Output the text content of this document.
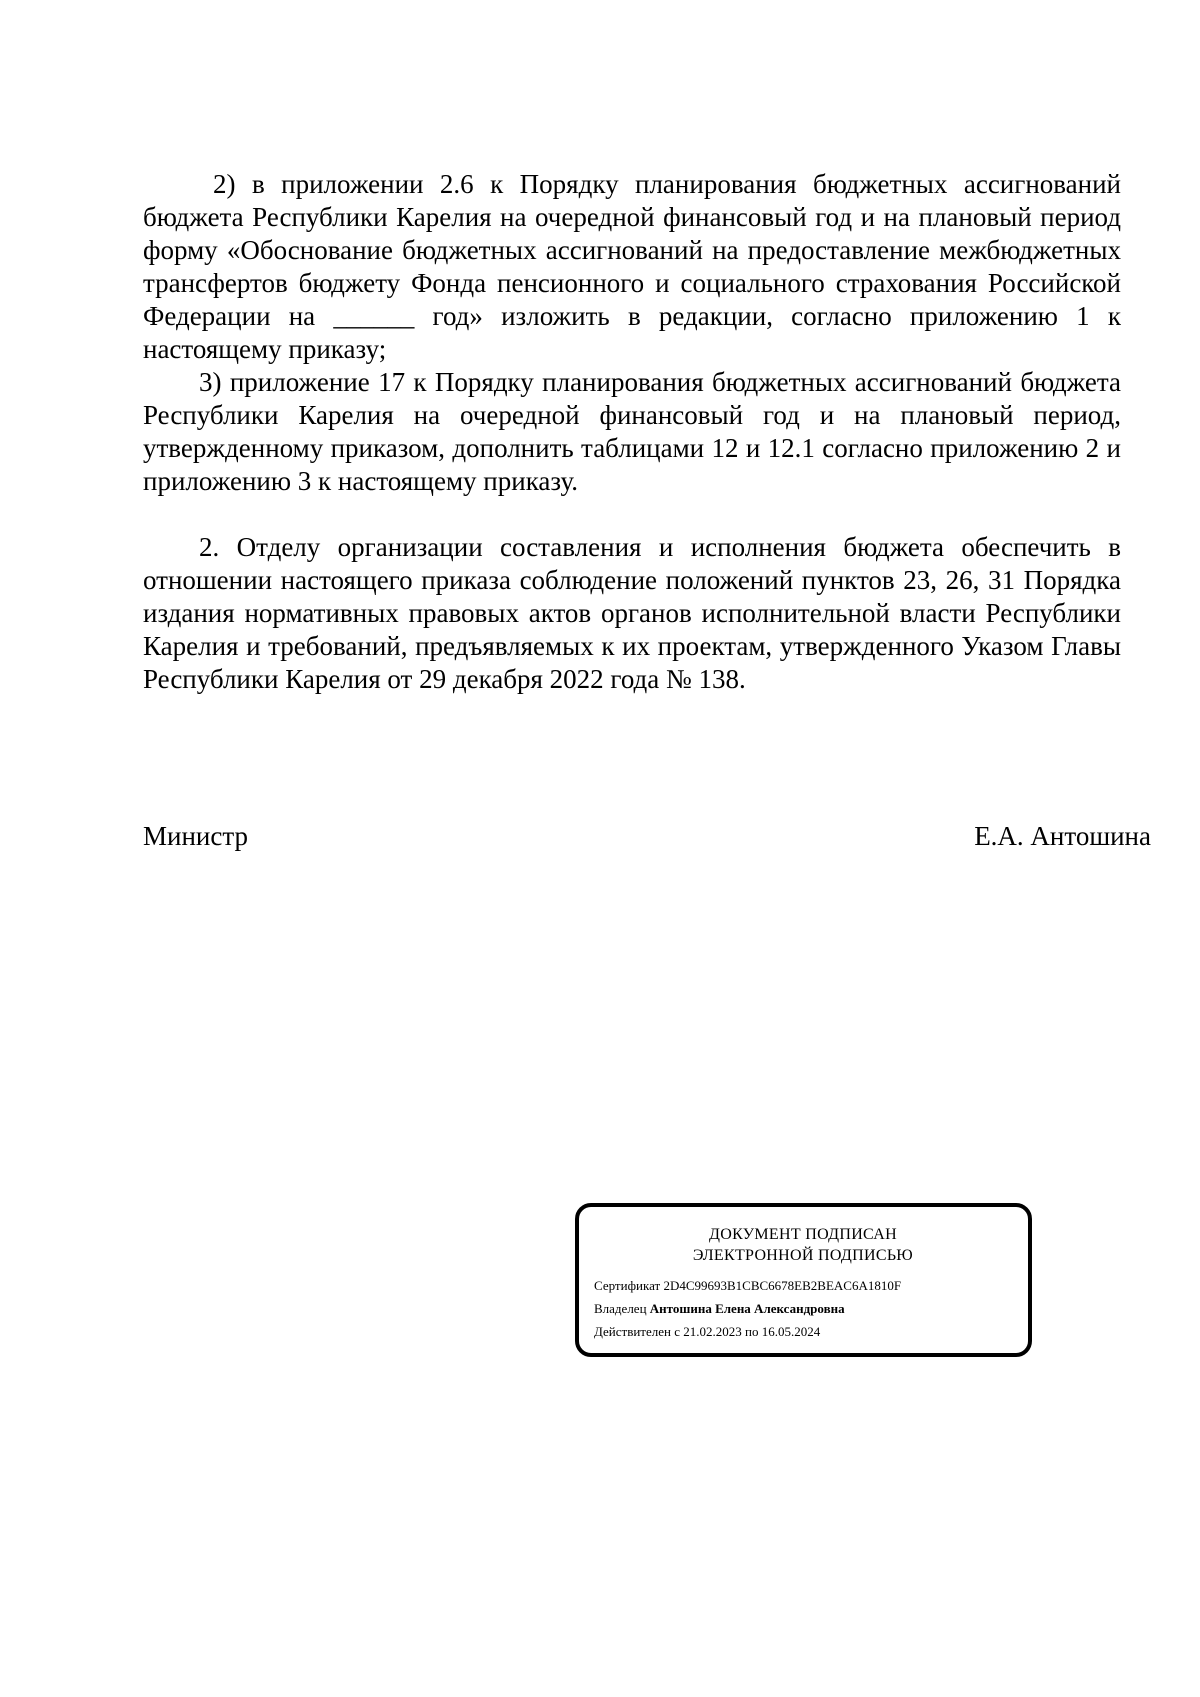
2) в приложении 2.6 к Порядку планирования бюджетных ассигнований бюджета Республики Карелия на очередной финансовый год и на плановый период форму «Обоснование бюджетных ассигнований на предоставление межбюджетных трансфертов бюджету Фонда пенсионного и социального страхования Российской Федерации на ______ год» изложить в редакции, согласно приложению 1 к настоящему приказу;

3) приложение 17 к Порядку планирования бюджетных ассигнований бюджета Республики Карелия на очередной финансовый год и на плановый период, утвержденному приказом, дополнить таблицами 12 и 12.1 согласно приложению 2 и приложению 3 к настоящему приказу.

2. Отделу организации составления и исполнения бюджета обеспечить в отношении настоящего приказа соблюдение положений пунктов 23, 26, 31 Порядка издания нормативных правовых актов органов исполнительной власти Республики Карелия и требований, предъявляемых к их проектам, утвержденного Указом Главы Республики Карелия от 29 декабря 2022 года № 138.

Министр	Е.А. Антошина
ДОКУМЕНТ ПОДПИСАН
ЭЛЕКТРОННОЙ ПОДПИСЬЮ
Сертификат 2D4C99693B1CBC6678EB2BEAC6A1810F
Владелец Антошина Елена Александровна
Действителен с 21.02.2023 по 16.05.2024
